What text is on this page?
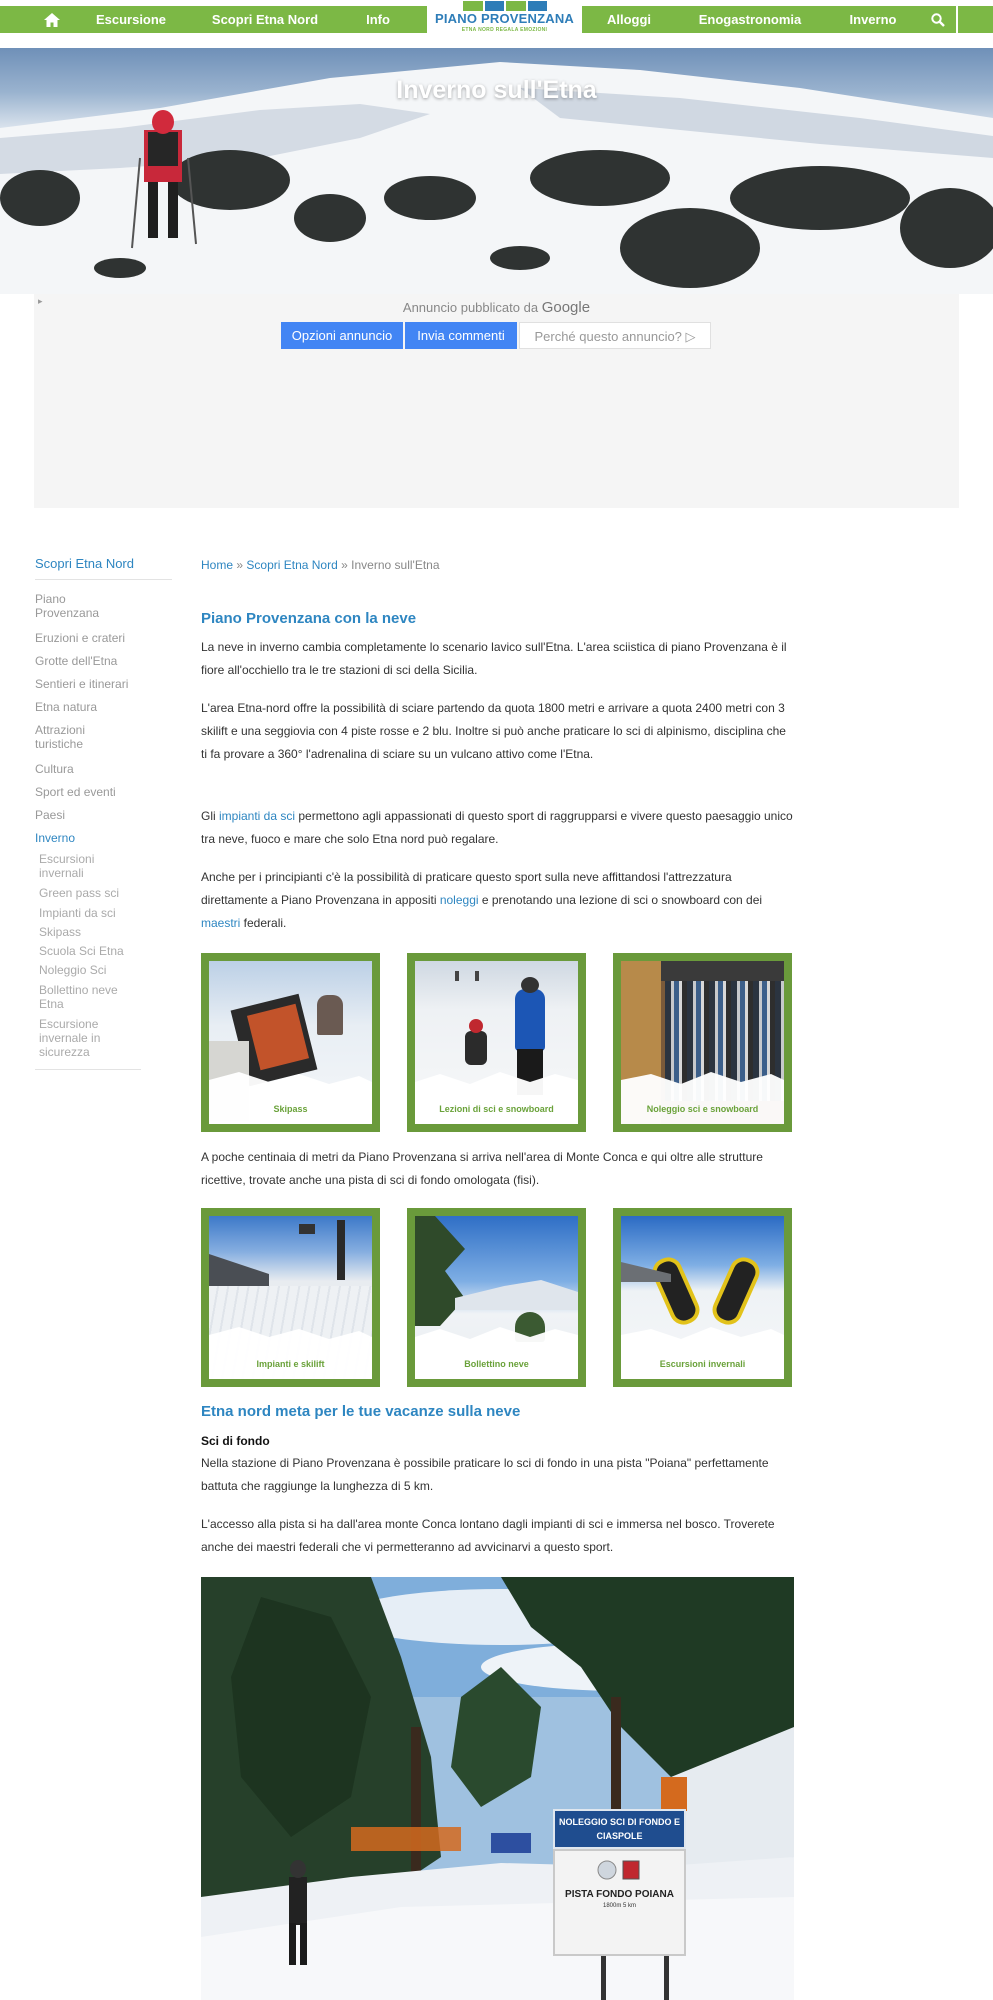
Escursione	Scopri Etna Nord	Info	PIANO PROVENZANA
ETNA NORD REGALA EMOZIONI
Alloggi	Enogastronomia	Inverno
Inverno sull'Etna
▸	Annuncio pubblicato da Google
Opzioni annuncio	Invia commenti	Perché questo annuncio? ▷
Scopri Etna Nord
Piano Provenzana
Eruzioni e crateri
Grotte dell'Etna
Sentieri e itinerari
Etna natura
Attrazioni turistiche
Cultura
Sport ed eventi
Paesi
Inverno
Escursioni invernali
Green pass sci
Impianti da sci
Skipass
Scuola Sci Etna
Noleggio Sci
Bollettino neve Etna
Escursione invernale in sicurezza
Home » Scopri Etna Nord » Inverno sull'Etna
Piano Provenzana con la neve
La neve in inverno cambia completamente lo scenario lavico sull'Etna. L'area sciistica di piano Provenzana è il fiore all'occhiello tra le tre stazioni di sci della Sicilia.
L'area Etna-nord offre la possibilità di sciare partendo da quota 1800 metri e arrivare a quota 2400 metri con 3 skilift e una seggiovia con 4 piste rosse e 2 blu. Inoltre si può anche praticare lo sci di alpinismo, disciplina che ti fa provare a 360° l'adrenalina di sciare su un vulcano attivo come l'Etna.
Gli impianti da sci permettono agli appassionati di questo sport di raggrupparsi e vivere questo paesaggio unico tra neve, fuoco e mare che solo Etna nord può regalare.
Anche per i principianti c'è la possibilità di praticare questo sport sulla neve affittandosi l'attrezzatura direttamente a Piano Provenzana in appositi noleggi e prenotando una lezione di sci o snowboard con dei maestri federali.
Skipass	Lezioni di sci e snowboard	Noleggio sci e snowboard
A poche centinaia di metri da Piano Provenzana si arriva nell'area di Monte Conca e qui oltre alle strutture ricettive, trovate anche una pista di sci di fondo omologata (fisi).
Impianti e skilift	Bollettino neve	Escursioni invernali
Etna nord meta per le tue vacanze sulla neve
Sci di fondo
Nella stazione di Piano Provenzana è possibile praticare lo sci di fondo in una pista "Poiana" perfettamente battuta che raggiunge la lunghezza di 5 km.
L'accesso alla pista si ha dall'area monte Conca lontano dagli impianti di sci e immersa nel bosco. Troverete anche dei maestri federali che vi permetteranno ad avvicinarvi a questo sport.
NOLEGGIO SCI DI FONDO E CIASPOLE
PISTA FONDO POIANA
1800m 5 km
